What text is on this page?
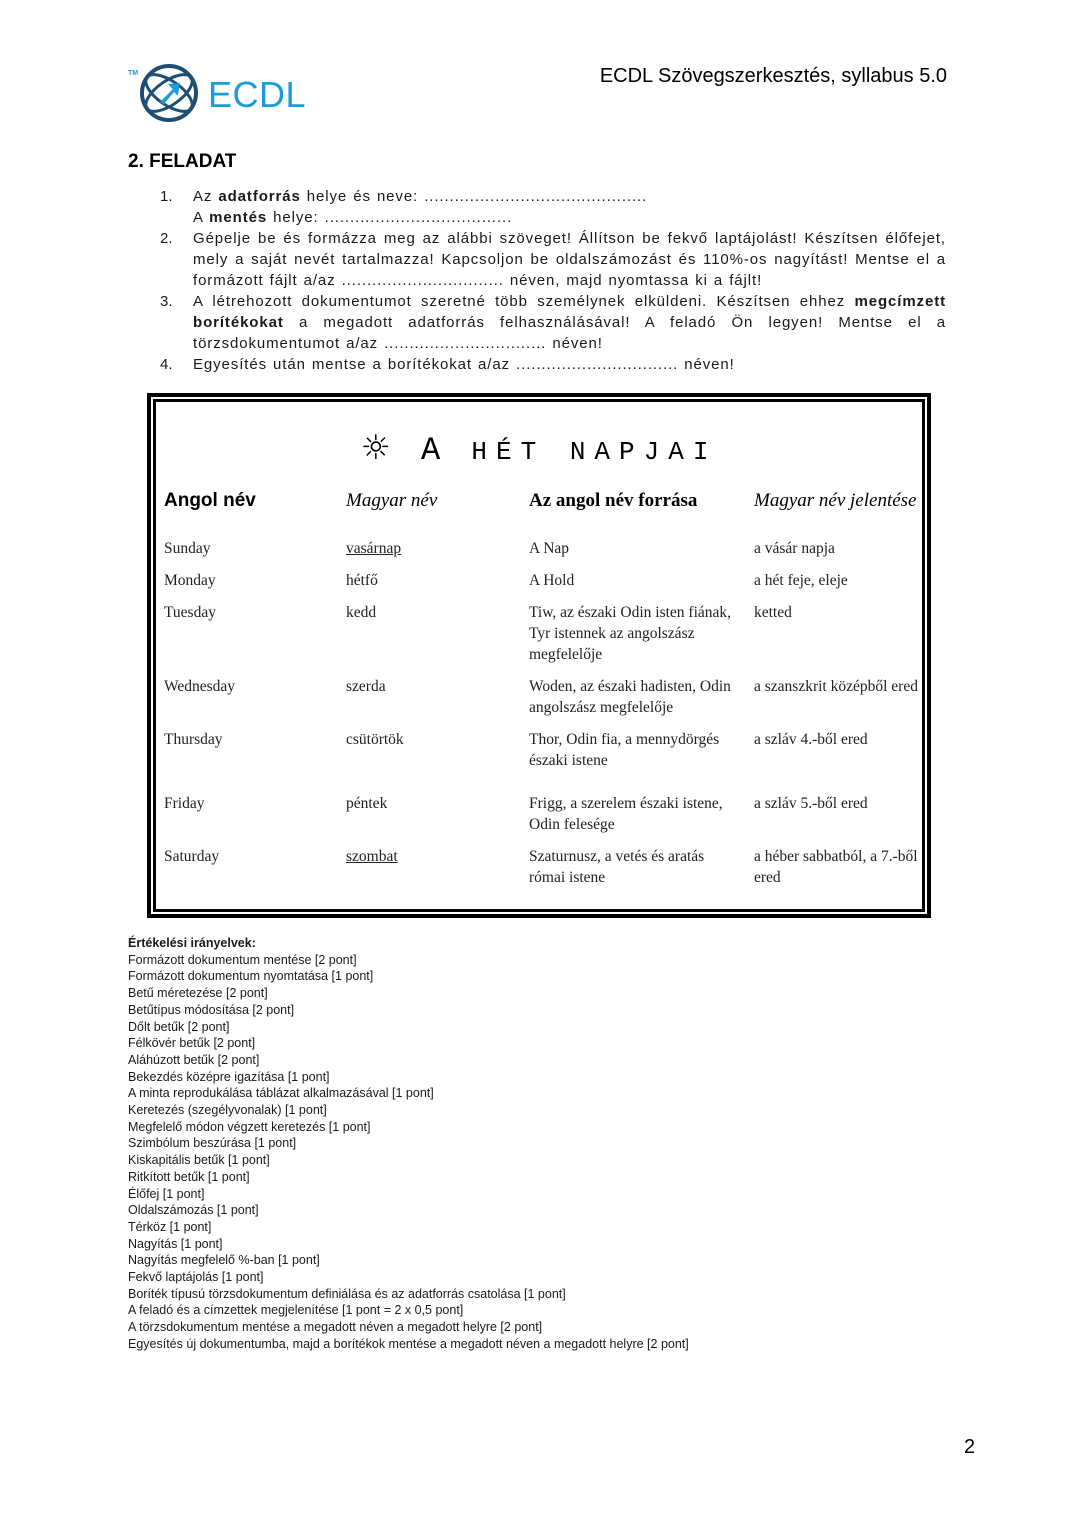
TM
ECDL	ECDL Szövegszerkesztés, syllabus 5.0
2. FELADAT
1.	Az adatforrás helye és neve: ............................................
A mentés helye: .....................................
2.	Gépelje be és formázza meg az alábbi szöveget! Állítson be fekvő laptájolást! Készítsen élőfejet, mely a saját nevét tartalmazza! Kapcsoljon be oldalszámozást és 110%-os nagyítást! Mentse el a formázott fájlt a/az ................................ néven, majd nyomtassa ki a fájlt!
3.	A létrehozott dokumentumot szeretné több személynek elküldeni. Készítsen ehhez megcímzett borítékokat a megadott adatforrás felhasználásával! A feladó Ön legyen! Mentse el a törzsdokumentumot a/az ................................ néven!
4.	Egyesítés után mentse a borítékokat a/az ................................ néven!
☼ A HÉT NAPJAI
Angol név	Magyar név	Az angol név forrása	Magyar név jelentése
Sunday	vasárnap	A Nap	a vásár napja
Monday	hétfő	A Hold	a hét feje, eleje
Tuesday	kedd	Tiw, az északi Odin isten fiának, Tyr istennek az angolszász megfelelője	ketted
Wednesday	szerda	Woden, az északi hadisten, Odin angolszász megfelelője	a szanszkrit középből ered
Thursday	csütörtök	Thor, Odin fia, a mennydörgés északi istene	a szláv 4.-ből ered
Friday	péntek	Frigg, a szerelem északi istene, Odin felesége	a szláv 5.-ből ered
Saturday	szombat	Szaturnusz, a vetés és aratás római istene	a héber sabbatból, a 7.-ből ered
Értékelési irányelvek:
Formázott dokumentum mentése [2 pont]
Formázott dokumentum nyomtatása [1 pont]
Betű méretezése [2 pont]
Betűtípus módosítása [2 pont]
Dőlt betűk [2 pont]
Félkövér betűk [2 pont]
Aláhúzott betűk [2 pont]
Bekezdés középre igazítása [1 pont]
A minta reprodukálása táblázat alkalmazásával [1 pont]
Keretezés (szegélyvonalak) [1 pont]
Megfelelő módon végzett keretezés [1 pont]
Szimbólum beszúrása [1 pont]
Kiskapitális betűk [1 pont]
Ritkított betűk [1 pont]
Élőfej [1 pont]
Oldalszámozás [1 pont]
Térköz [1 pont]
Nagyítás [1 pont]
Nagyítás megfelelő %-ban [1 pont]
Fekvő laptájolás [1 pont]
Boríték típusú törzsdokumentum definiálása és az adatforrás csatolása [1 pont]
A feladó és a címzettek megjelenítése [1 pont = 2 x 0,5 pont]
A törzsdokumentum mentése a megadott néven a megadott helyre [2 pont]
Egyesítés új dokumentumba, majd a borítékok mentése a megadott néven a megadott helyre [2 pont]
2
